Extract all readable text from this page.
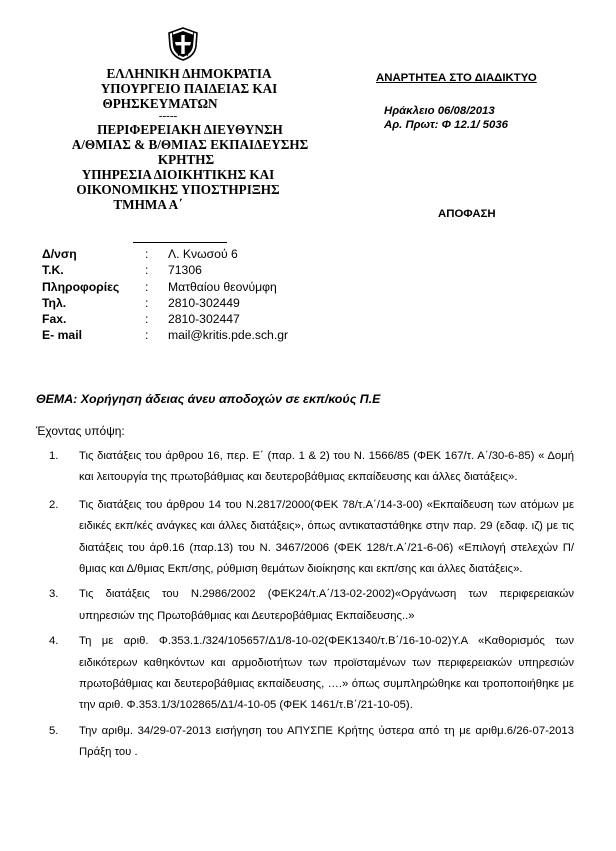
ΕΛΛΗΝΙΚΗ ΔΗΜΟΚΡΑΤΙΑ
ΥΠΟΥΡΓΕΙΟ ΠΑΙΔΕΙΑΣ ΚΑΙ
ΘΡΗΣΚΕΥΜΑΤΩΝ
-----
ΠΕΡΙΦΕΡΕΙΑΚΗ ΔΙΕΥΘΥΝΣΗ
Α/ΘΜΙΑΣ & Β/ΘΜΙΑΣ ΕΚΠΑΙΔΕΥΣΗΣ
ΚΡΗΤΗΣ
ΥΠΗΡΕΣΙΑ ΔΙΟΙΚΗΤΙΚΗΣ ΚΑΙ
ΟΙΚΟΝΟΜΙΚΗΣ ΥΠΟΣΤΗΡΙΞΗΣ
ΤΜΗΜΑ Α΄
ΑΝΑΡΤΗΤΕΑ ΣΤΟ ΔΙΑΔΙΚΤΥΟ
Ηράκλειο 06/08/2013
Αρ. Πρωτ: Φ 12.1/ 5036
ΑΠΟΦΑΣΗ
Δ/νση	:	Λ. Κνωσού 6
Τ.Κ.	:	71306
Πληροφορίες	:	Ματθαίου θεονύμφη
Τηλ.	:	2810-302449
Fax.	:	2810-302447
E- mail	:	mail@kritis.pde.sch.gr
ΘΕΜΑ: Χορήγηση άδειας άνευ αποδοχών σε εκπ/κούς Π.Ε
Έχοντας υπόψη:
1. Τις διατάξεις του άρθρου 16, περ. Ε΄ (παρ. 1 & 2) του Ν. 1566/85 (ΦΕΚ 167/τ. Α΄/30-6-85) « Δομή και λειτουργία της πρωτοβάθμιας και δευτεροβάθμιας εκπαίδευσης και άλλες διατάξεις».
2. Τις διατάξεις του άρθρου 14 του Ν.2817/2000(ΦΕΚ 78/τ.Α΄/14-3-00) «Εκπαίδευση των ατόμων με ειδικές εκπ/κές ανάγκες και άλλες διατάξεις», όπως αντικαταστάθηκε στην παρ. 29 (εδαφ. ιζ) με τις διατάξεις του άρθ.16 (παρ.13) του Ν. 3467/2006 (ΦΕΚ 128/τ.Α΄/21-6-06) «Επιλογή στελεχών Π/θμιας και Δ/θμιας Εκπ/σης, ρύθμιση θεμάτων διοίκησης και εκπ/σης και άλλες διατάξεις».
3. Τις διατάξεις του Ν.2986/2002 (ΦΕΚ24/τ.Α΄/13-02-2002)«Οργάνωση των περιφερειακών υπηρεσιών της Πρωτοβάθμιας και Δευτεροβάθμιας Εκπαίδευσης..»
4. Τη με αριθ. Φ.353.1./324/105657/Δ1/8-10-02(ΦΕΚ1340/τ.Β΄/16-10-02)Υ.Α «Καθορισμός των ειδικότερων καθηκόντων και αρμοδιοτήτων των προϊσταμένων των περιφερειακών υπηρεσιών πρωτοβάθμιας και δευτεροβάθμιας εκπαίδευσης, ….» όπως συμπληρώθηκε και τροποποιήθηκε με την αριθ. Φ.353.1/3/102865/Δ1/4-10-05 (ΦΕΚ 1461/τ.Β΄/21-10-05).
5. Την αριθμ. 34/29-07-2013 εισήγηση του ΑΠΥΣΠΕ Κρήτης ύστερα από τη με αριθμ.6/26-07-2013 Πράξη του .
